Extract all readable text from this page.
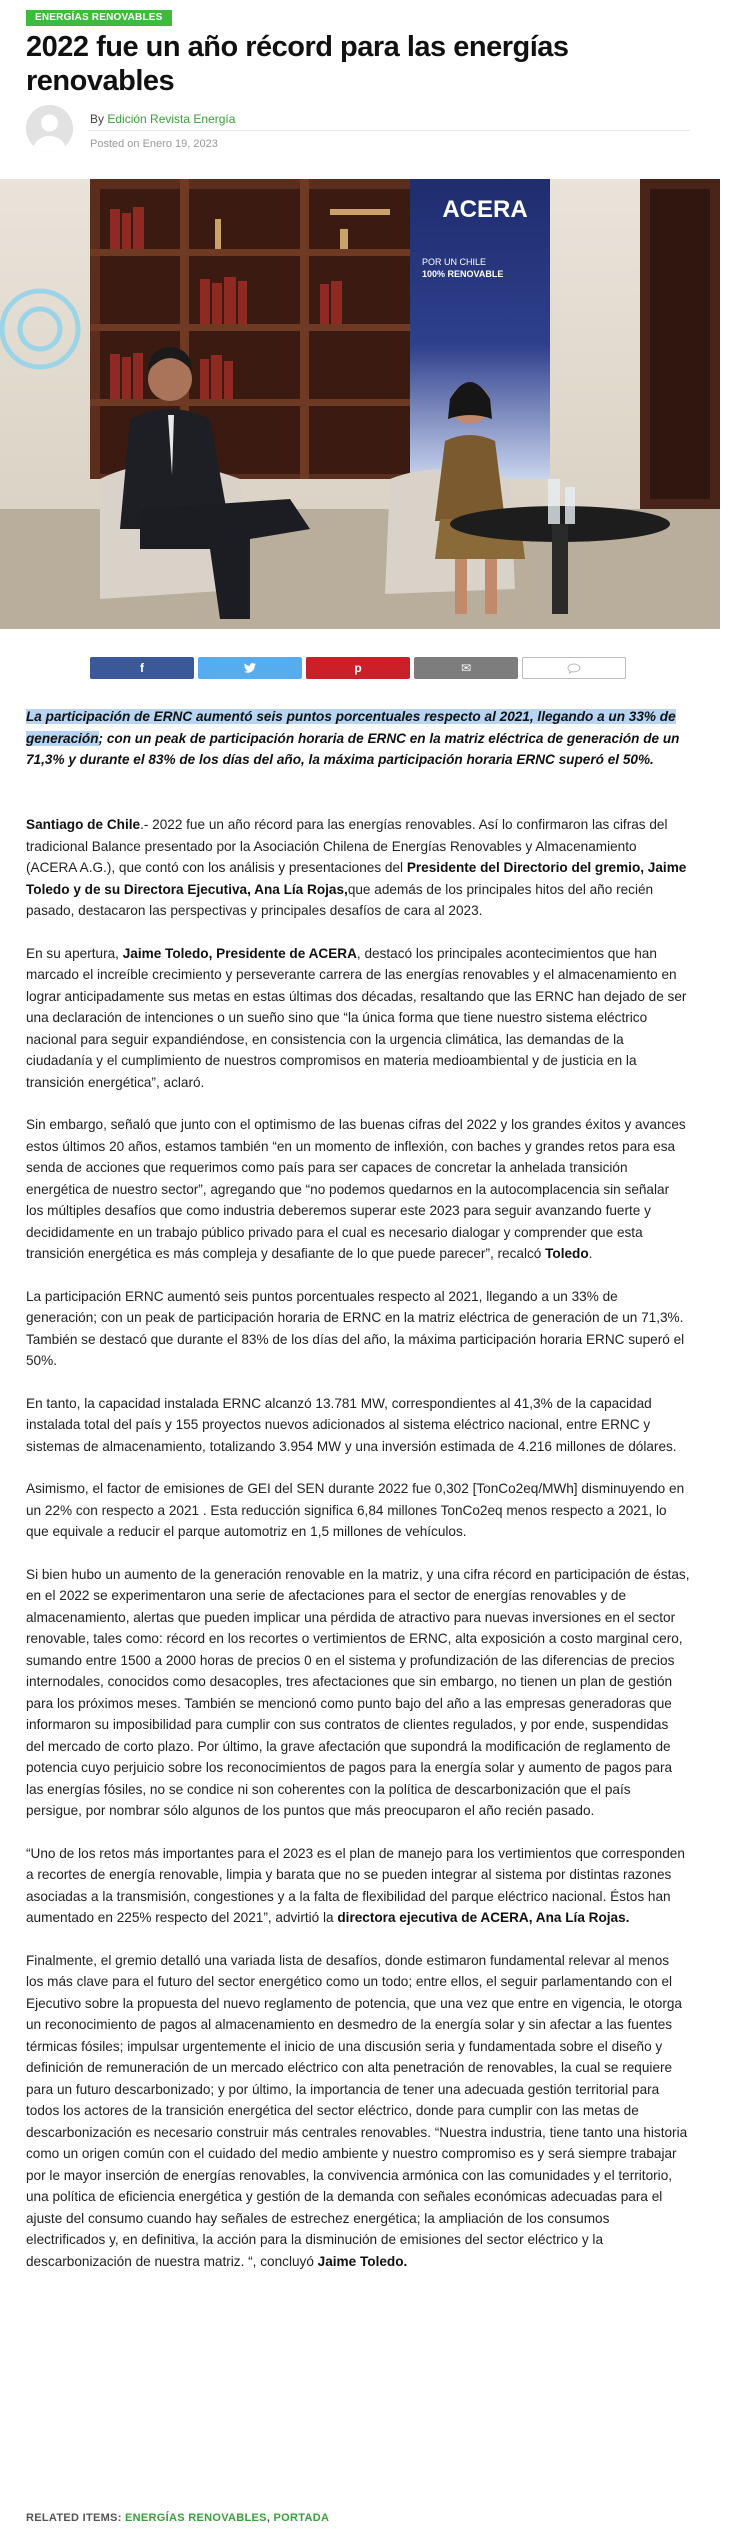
ENERGÍAS RENOVABLES
2022 fue un año récord para las energías renovables
By Edición Revista Energía
Posted on Enero 19, 2023
ACERA
POR UN CHILE
100% RENOVABLE
f	p	✉

La participación de ERNC aumentó seis puntos porcentuales respecto al 2021, llegando a un 33% de generación; con un peak de participación horaria de ERNC en la matriz eléctrica de generación de un 71,3% y durante el 83% de los días del año, la máxima participación horaria ERNC superó el 50%.

Santiago de Chile.- 2022 fue un año récord para las energías renovables. Así lo confirmaron las cifras del tradicional Balance presentado por la Asociación Chilena de Energías Renovables y Almacenamiento (ACERA A.G.), que contó con los análisis y presentaciones del Presidente del Directorio del gremio, Jaime Toledo y de su Directora Ejecutiva, Ana Lía Rojas,que además de los principales hitos del año recién pasado, destacaron las perspectivas y principales desafíos de cara al 2023.

En su apertura, Jaime Toledo, Presidente de ACERA, destacó los principales acontecimientos que han marcado el increíble crecimiento y perseverante carrera de las energías renovables y el almacenamiento en lograr anticipadamente sus metas en estas últimas dos décadas, resaltando que las ERNC han dejado de ser una declaración de intenciones o un sueño sino que “la única forma que tiene nuestro sistema eléctrico nacional para seguir expandiéndose, en consistencia con la urgencia climática, las demandas de la ciudadanía y el cumplimiento de nuestros compromisos en materia medioambiental y de justicia en la transición energética”, aclaró.

Sin embargo, señaló que junto con el optimismo de las buenas cifras del 2022 y los grandes éxitos y avances estos últimos 20 años, estamos también “en un momento de inflexión, con baches y grandes retos para esa senda de acciones que requerimos como país para ser capaces de concretar la anhelada transición energética de nuestro sector”, agregando que “no podemos quedarnos en la autocomplacencia sin señalar los múltiples desafíos que como industria deberemos superar este 2023 para seguir avanzando fuerte y decididamente en un trabajo público privado para el cual es necesario dialogar y comprender que esta transición energética es más compleja y desafiante de lo que puede parecer”, recalcó Toledo.

La participación ERNC aumentó seis puntos porcentuales respecto al 2021, llegando a un 33% de generación; con un peak de participación horaria de ERNC en la matriz eléctrica de generación de un 71,3%. También se destacó que durante el 83% de los días del año, la máxima participación horaria ERNC superó el 50%.

En tanto, la capacidad instalada ERNC alcanzó 13.781 MW, correspondientes al 41,3% de la capacidad instalada total del país y 155 proyectos nuevos adicionados al sistema eléctrico nacional, entre ERNC y sistemas de almacenamiento, totalizando 3.954 MW y una inversión estimada de 4.216 millones de dólares.

Asimismo, el factor de emisiones de GEI del SEN durante 2022 fue 0,302 [TonCo2eq/MWh] disminuyendo en un 22% con respecto a 2021 . Esta reducción significa 6,84 millones TonCo2eq menos respecto a 2021, lo que equivale a reducir el parque automotriz en 1,5 millones de vehículos.

Si bien hubo un aumento de la generación renovable en la matriz, y una cifra récord en participación de éstas, en el 2022 se experimentaron una serie de afectaciones para el sector de energías renovables y de almacenamiento, alertas que pueden implicar una pérdida de atractivo para nuevas inversiones en el sector renovable, tales como: récord en los recortes o vertimientos de ERNC, alta exposición a costo marginal cero, sumando entre 1500 a 2000 horas de precios 0 en el sistema y profundización de las diferencias de precios internodales, conocidos como desacoples, tres afectaciones que sin embargo, no tienen un plan de gestión para los próximos meses. También se mencionó como punto bajo del año a las empresas generadoras que informaron su imposibilidad para cumplir con sus contratos de clientes regulados, y por ende, suspendidas del mercado de corto plazo. Por último, la grave afectación que supondrá la modificación de reglamento de potencia cuyo perjuicio sobre los reconocimientos de pagos para la energía solar y aumento de pagos para las energías fósiles, no se condice ni son coherentes con la política de descarbonización que el país persigue, por nombrar sólo algunos de los puntos que más preocuparon el año recién pasado.

“Uno de los retos más importantes para el 2023 es el plan de manejo para los vertimientos que corresponden a recortes de energía renovable, limpia y barata que no se pueden integrar al sistema por distintas razones asociadas a la transmisión, congestiones y a la falta de flexibilidad del parque eléctrico nacional. Éstos han aumentado en 225% respecto del 2021”, advirtió la directora ejecutiva de ACERA, Ana Lía Rojas.

Finalmente, el gremio detalló una variada lista de desafíos, donde estimaron fundamental relevar al menos los más clave para el futuro del sector energético como un todo; entre ellos, el seguir parlamentando con el Ejecutivo sobre la propuesta del nuevo reglamento de potencia, que una vez que entre en vigencia, le otorga un reconocimiento de pagos al almacenamiento en desmedro de la energía solar y sin afectar a las fuentes térmicas fósiles; impulsar urgentemente el inicio de una discusión seria y fundamentada sobre el diseño y definición de remuneración de un mercado eléctrico con alta penetración de renovables, la cual se requiere para un futuro descarbonizado; y por último, la importancia de tener una adecuada gestión territorial para todos los actores de la transición energética del sector eléctrico, donde para cumplir con las metas de descarbonización es necesario construir más centrales renovables. “Nuestra industria, tiene tanto una historia como un origen común con el cuidado del medio ambiente y nuestro compromiso es y será siempre trabajar por le mayor inserción de energías renovables, la convivencia armónica con las comunidades y el territorio, una política de eficiencia energética y gestión de la demanda con señales económicas adecuadas para el ajuste del consumo cuando hay señales de estrechez energética; la ampliación de los consumos electrificados y, en definitiva, la acción para la disminución de emisiones del sector eléctrico y la descarbonización de nuestra matriz. “, concluyó Jaime Toledo.

RELATED ITEMS: ENERGÍAS RENOVABLES, PORTADA
